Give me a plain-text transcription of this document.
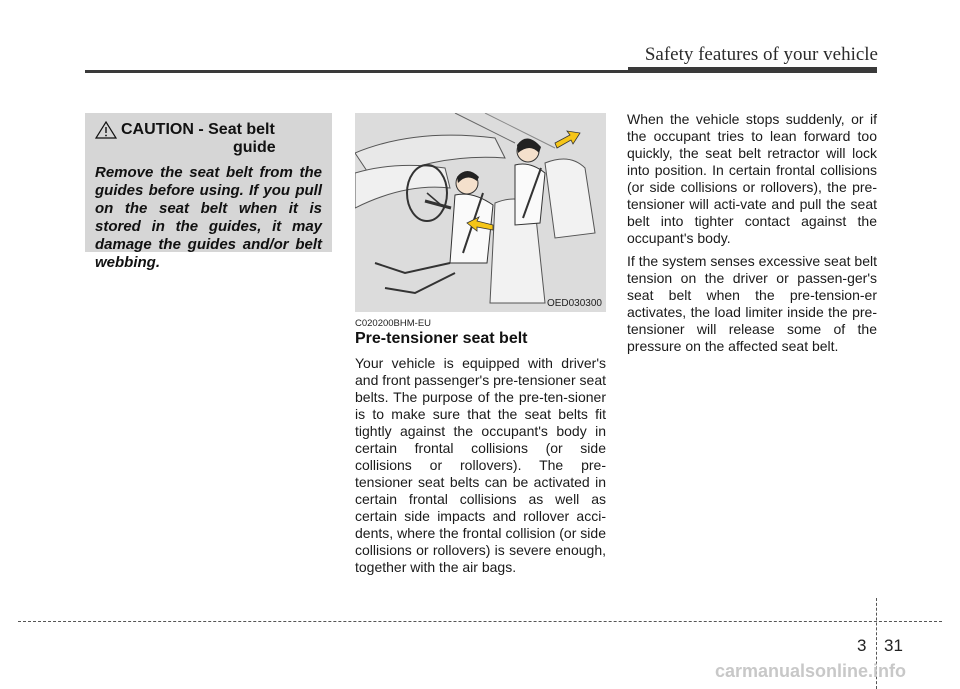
Safety features of your vehicle
CAUTION - Seat belt
guide

Remove the seat belt from the guides before using. If you pull on the seat belt when it is stored in the guides, it may damage the guides and/or belt webbing.

OED030300
C020200BHM-EU
Pre-tensioner seat belt

Your vehicle is equipped with driver's and front passenger's pre-tensioner seat belts. The purpose of the pre-ten-sioner is to make sure that the seat belts fit tightly against the occupant's body in certain frontal collisions (or side collisions or rollovers). The pre-tensioner seat belts can be activated in certain frontal collisions as well as certain side impacts and rollover acci-dents, where the frontal collision (or side collisions or rollovers) is severe enough, together with the air bags.

When the vehicle stops suddenly, or if the occupant tries to lean forward too quickly, the seat belt retractor will lock into position. In certain frontal collisions (or side collisions or rollovers), the pre-tensioner will acti-vate and pull the seat belt into tighter contact against the occupant's body.

If the system senses excessive seat belt tension on the driver or passen-ger's seat belt when the pre-tension-er activates, the load limiter inside the pre-tensioner will release some of the pressure on the affected seat belt.

3 31
carmanualsonline.info
